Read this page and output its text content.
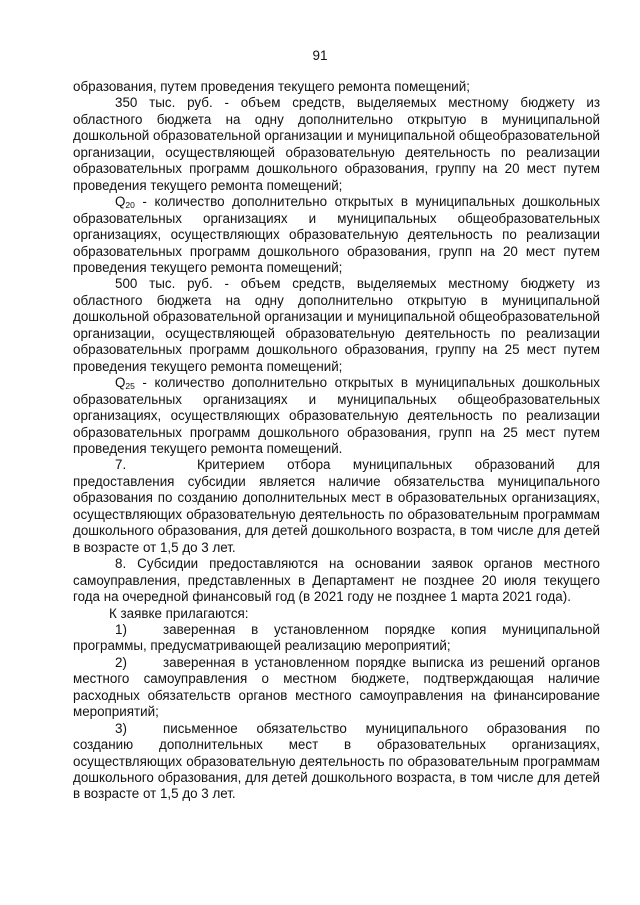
91

образования, путем проведения текущего ремонта помещений;

350 тыс. руб. - объем средств, выделяемых местному бюджету из областного бюджета на одну дополнительно открытую в муниципальной дошкольной образовательной организации и муниципальной общеобразовательной организации, осуществляющей образовательную деятельность по реализации образовательных программ дошкольного образования, группу на 20 мест путем проведения текущего ремонта помещений;

$Q_{20}$ - количество дополнительно открытых в муниципальных дошкольных образовательных организациях и муниципальных общеобразовательных организациях, осуществляющих образовательную деятельность по реализации образовательных программ дошкольного образования, групп на 20 мест путем проведения текущего ремонта помещений;

500 тыс. руб. - объем средств, выделяемых местному бюджету из областного бюджета на одну дополнительно открытую в муниципальной дошкольной образовательной организации и муниципальной общеобразовательной организации, осуществляющей образовательную деятельность по реализации образовательных программ дошкольного образования, группу на 25 мест путем проведения текущего ремонта помещений;

$Q_{25}$ - количество дополнительно открытых в муниципальных дошкольных образовательных организациях и муниципальных общеобразовательных организациях, осуществляющих образовательную деятельность по реализации образовательных программ дошкольного образования, групп на 25 мест путем проведения текущего ремонта помещений.

7.	Критерием отбора муниципальных образований для предоставления субсидии является наличие обязательства муниципального образования по созданию дополнительных мест в образовательных организациях, осуществляющих образовательную деятельность по образовательным программам дошкольного образования, для детей дошкольного возраста, в том числе для детей в возрасте от 1,5 до 3 лет.

8. Субсидии предоставляются на основании заявок органов местного самоуправления, представленных в Департамент не позднее 20 июля текущего года на очередной финансовый год (в 2021 году не позднее 1 марта 2021 года).

К заявке прилагаются:

1)	заверенная в установленном порядке копия муниципальной программы, предусматривающей реализацию мероприятий;

2)	заверенная в установленном порядке выписка из решений органов местного самоуправления о местном бюджете, подтверждающая наличие расходных обязательств органов местного самоуправления на финансирование мероприятий;

3)	письменное обязательство муниципального образования по созданию дополнительных мест в образовательных организациях, осуществляющих образовательную деятельность по образовательным программам дошкольного образования, для детей дошкольного возраста, в том числе для детей в возрасте от 1,5 до 3 лет.
